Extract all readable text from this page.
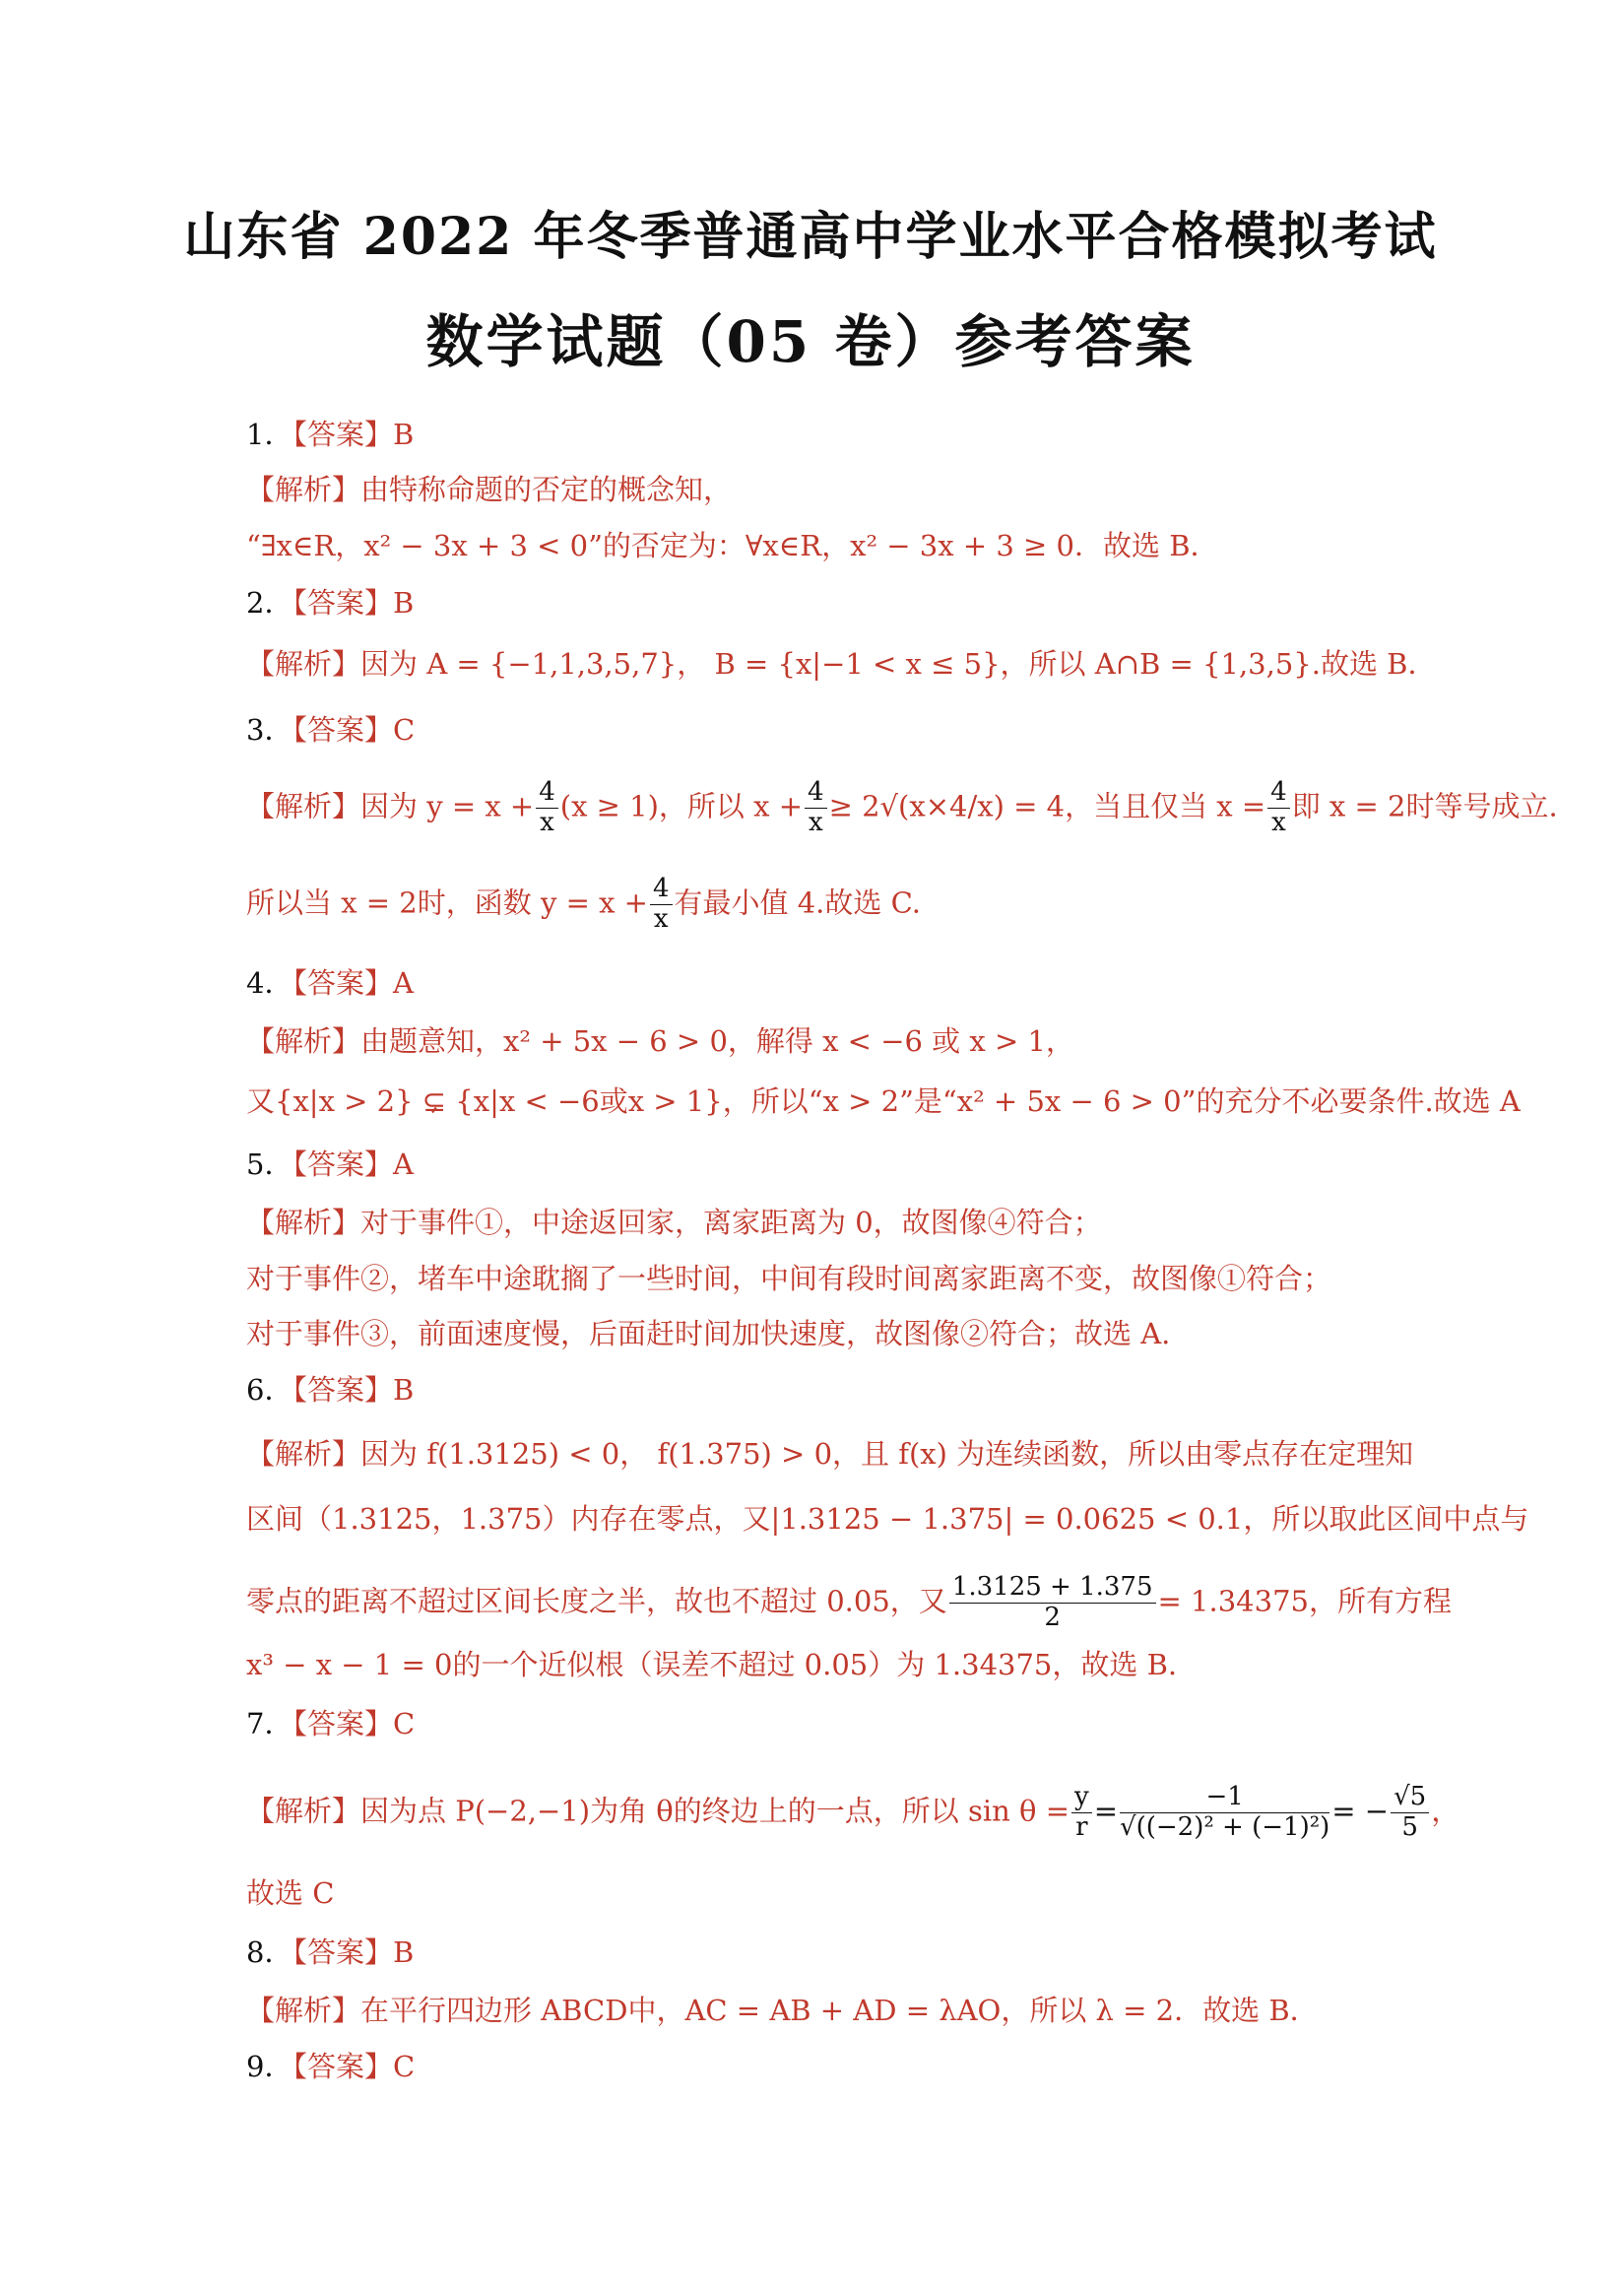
山东省 2022 年冬季普通高中学业水平合格模拟考试
数学试题（05 卷）参考答案
1．【答案】B
【解析】由特称命题的否定的概念知，
“∃x∈R，x² − 3x + 3 < 0”的否定为：∀x∈R，x² − 3x + 3 ≥ 0．故选 B．
2．【答案】B
【解析】因为 A = {−1,1,3,5,7}， B = {x|−1 < x ≤ 5}，所以 A∩B = {1,3,5}.故选 B．
3．【答案】C
【解析】因为 $y = x + \frac{4}{x} (x \ge 1)$，所以 $x + \frac{4}{x} \ge 2√(x\times 4/x) = 4$，当且仅当 $x = \frac{4}{x}$ 即 x = 2时等号成立.
所以当 x = 2时，函数 $y = x + \frac{4}{x}$ 有最小值 4.故选 C.
4．【答案】A
【解析】由题意知，x² + 5x − 6 > 0，解得 x < −6 或 x > 1，
又{x|x > 2} ⊊ {x|x < −6或x > 1}，所以“x > 2”是“x² + 5x − 6 > 0”的充分不必要条件.故选 A
5．【答案】A
【解析】对于事件①，中途返回家，离家距离为 0，故图像④符合；
对于事件②，堵车中途耽搁了一些时间，中间有段时间离家距离不变，故图像①符合；
对于事件③，前面速度慢，后面赶时间加快速度，故图像②符合；故选 A.
6．【答案】B
【解析】因为 f(1.3125) < 0， f(1.375) > 0，且 f(x) 为连续函数，所以由零点存在定理知
区间（1.3125，1.375）内存在零点，又|1.3125 − 1.375| = 0.0625 < 0.1，所以取此区间中点与
零点的距离不超过区间长度之半，故也不超过 0.05，又 $\frac{1.3125 + 1.375}{2} = 1.34375$，所有方程
x³ − x − 1 = 0的一个近似根（误差不超过 0.05）为 1.34375，故选 B.
7．【答案】C
【解析】因为点 P(−2,−1)为角 θ的终边上的一点，所以 $\sin \theta = \frac{y}{r} = \frac{-1}{\text{√((−2)² + (−1)²)}}$ = − $\frac{√5}{5}$ ，
故选 C
8．【答案】B
【解析】在平行四边形 ABCD中，AC = AB + AD = λAO，所以 λ = 2．故选 B．
9．【答案】C
